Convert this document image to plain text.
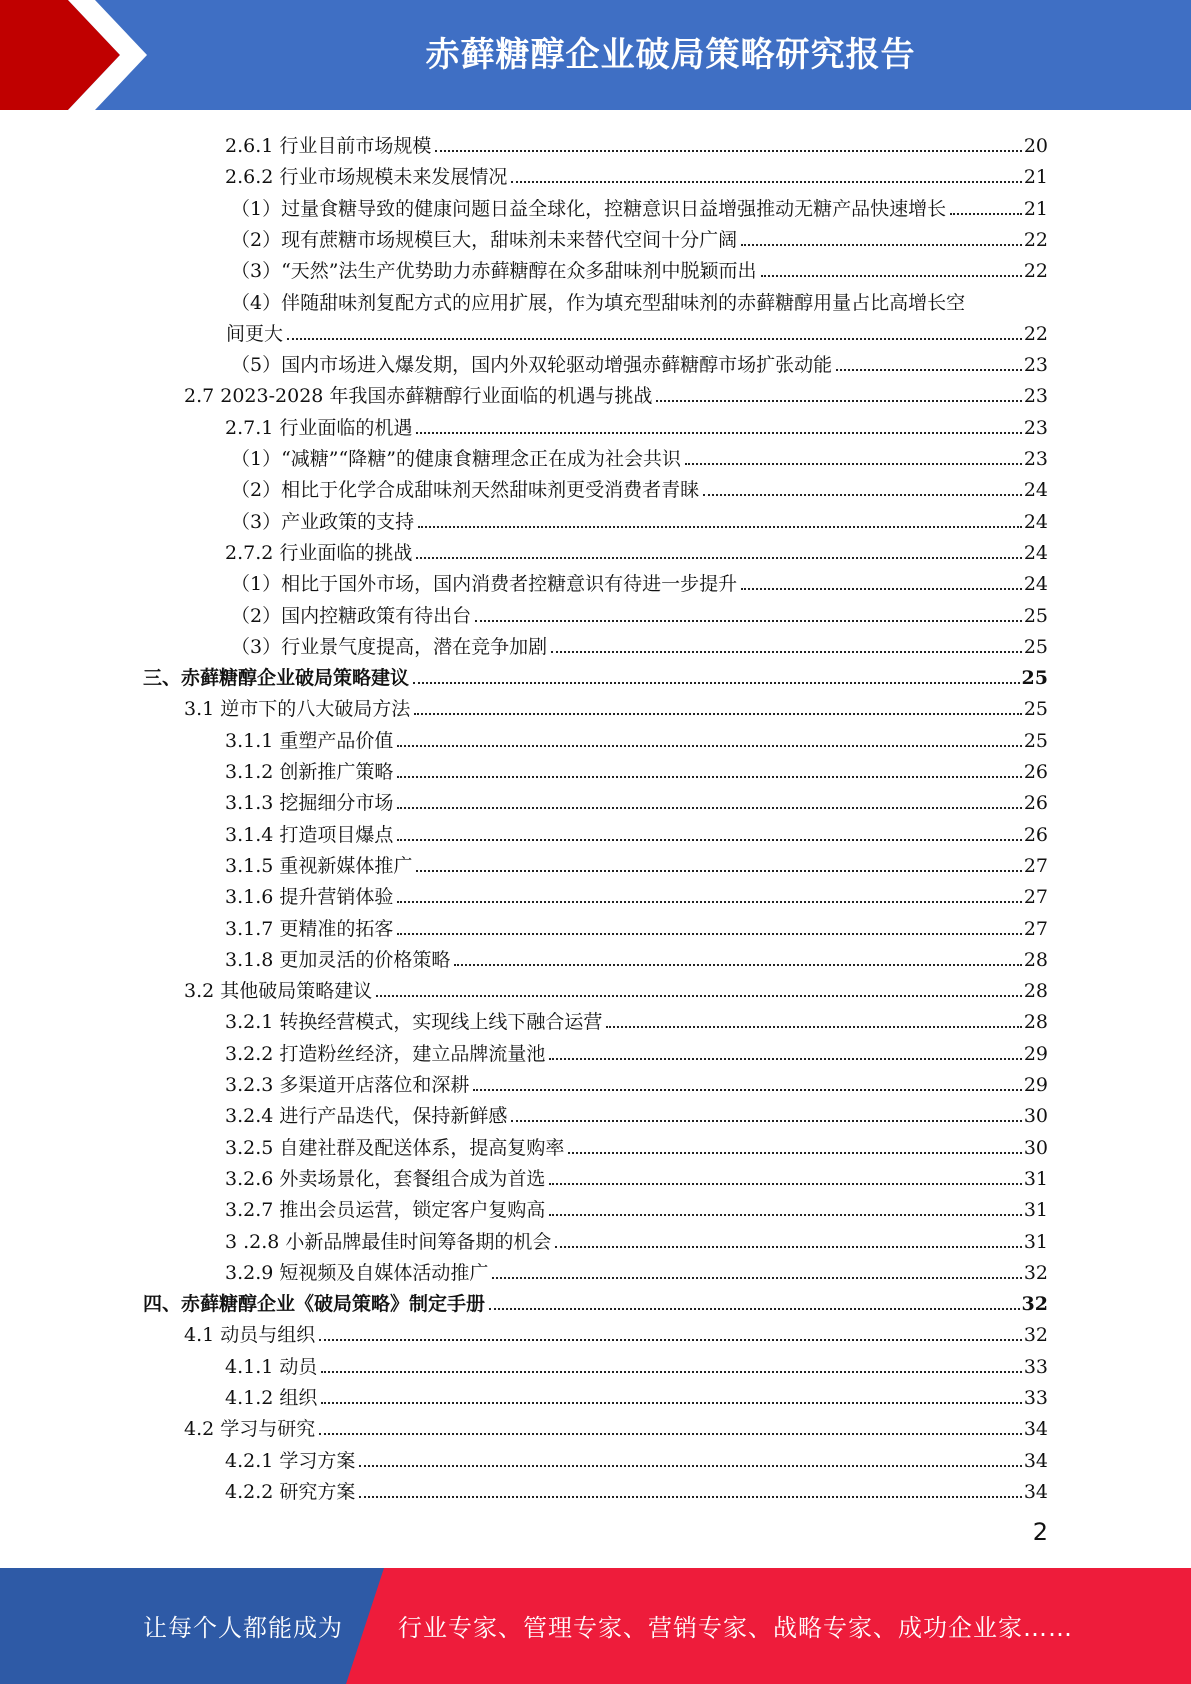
赤藓糖醇企业破局策略研究报告
2.6.1 行业目前市场规模	20
2.6.2 行业市场规模未来发展情况	21
（1）过量食糖导致的健康问题日益全球化，控糖意识日益增强推动无糖产品快速增长	21
（2）现有蔗糖市场规模巨大，甜味剂未来替代空间十分广阔	22
（3）“天然”法生产优势助力赤藓糖醇在众多甜味剂中脱颖而出	22
（4）伴随甜味剂复配方式的应用扩展，作为填充型甜味剂的赤藓糖醇用量占比高增长空
间更大	22
（5）国内市场进入爆发期，国内外双轮驱动增强赤藓糖醇市场扩张动能	23
2.7 2023-2028 年我国赤藓糖醇行业面临的机遇与挑战	23
2.7.1 行业面临的机遇	23
（1）“减糖”“降糖”的健康食糖理念正在成为社会共识	23
（2）相比于化学合成甜味剂天然甜味剂更受消费者青睐	24
（3）产业政策的支持	24
2.7.2 行业面临的挑战	24
（1）相比于国外市场，国内消费者控糖意识有待进一步提升	24
（2）国内控糖政策有待出台	25
（3）行业景气度提高，潜在竞争加剧	25
三、赤藓糖醇企业破局策略建议	25
3.1 逆市下的八大破局方法	25
3.1.1 重塑产品价值	25
3.1.2 创新推广策略	26
3.1.3 挖掘细分市场	26
3.1.4 打造项目爆点	26
3.1.5 重视新媒体推广	27
3.1.6 提升营销体验	27
3.1.7 更精准的拓客	27
3.1.8 更加灵活的价格策略	28
3.2 其他破局策略建议	28
3.2.1 转换经营模式，实现线上线下融合运营	28
3.2.2 打造粉丝经济，建立品牌流量池	29
3.2.3 多渠道开店落位和深耕	29
3.2.4 进行产品迭代，保持新鲜感	30
3.2.5 自建社群及配送体系，提高复购率	30
3.2.6 外卖场景化，套餐组合成为首选	31
3.2.7 推出会员运营，锁定客户复购高	31
3 .2.8 小新品牌最佳时间筹备期的机会	31
3.2.9 短视频及自媒体活动推广	32
四、赤藓糖醇企业《破局策略》制定手册	32
4.1 动员与组织	32
4.1.1 动员	33
4.1.2 组织	33
4.2 学习与研究	34
4.2.1 学习方案	34
4.2.2 研究方案	34
2
让每个人都能成为 行业专家、管理专家、营销专家、战略专家、成功企业家……
